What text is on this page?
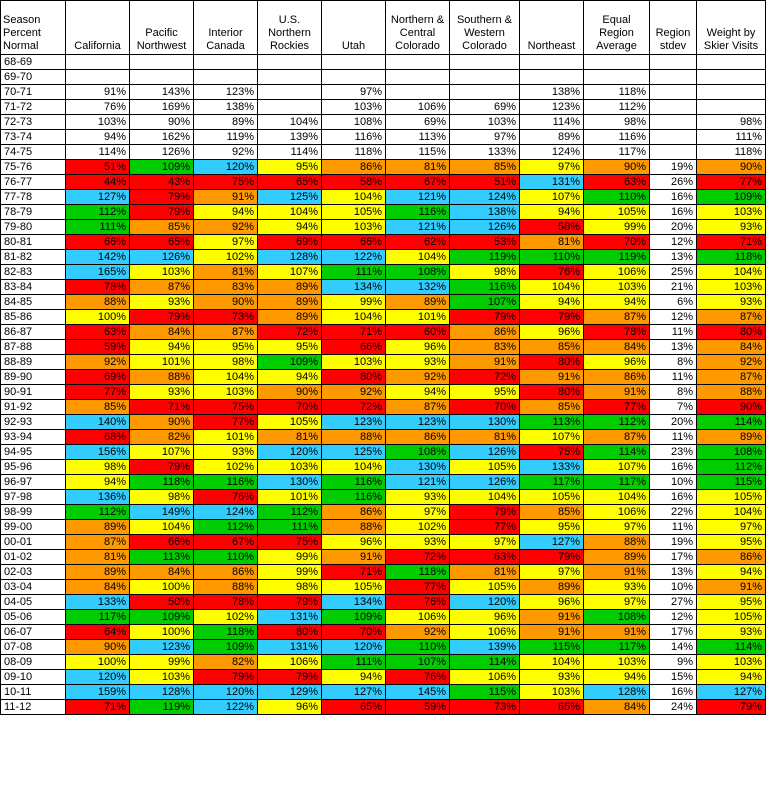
Season Percent Normal	California	Pacific Northwest	Interior Canada	U.S. Northern Rockies	Utah	Northern & Central Colorado	Southern & Western Colorado	Northeast	Equal Region Average	Region stdev	Weight by Skier Visits
68-69											
69-70											
70-71	91%	143%	123%		97%			138%	118%		
71-72	76%	169%	138%		103%	106%	69%	123%	112%		
72-73	103%	90%	89%	104%	108%	69%	103%	114%	98%		98%
73-74	94%	162%	119%	139%	116%	113%	97%	89%	116%		111%
74-75	114%	126%	92%	114%	118%	115%	133%	124%	117%		118%
75-76	51%	109%	120%	95%	86%	81%	85%	97%	90%	19%	90%
76-77	44%	43%	75%	65%	58%	67%	51%	131%	63%	26%	77%
77-78	127%	79%	91%	125%	104%	121%	124%	107%	110%	16%	109%
78-79	112%	79%	94%	104%	105%	116%	138%	94%	105%	16%	103%
79-80	111%	85%	92%	94%	103%	121%	126%	58%	99%	20%	93%
80-81	66%	65%	97%	69%	66%	62%	53%	81%	70%	12%	71%
81-82	142%	126%	102%	128%	122%	104%	119%	110%	119%	13%	118%
82-83	165%	103%	81%	107%	111%	108%	98%	76%	106%	25%	104%
83-84	78%	87%	83%	89%	134%	132%	116%	104%	103%	21%	103%
84-85	88%	93%	90%	89%	99%	89%	107%	94%	94%	6%	93%
85-86	100%	79%	73%	89%	104%	101%	79%	79%	87%	12%	87%
86-87	63%	84%	87%	72%	71%	60%	86%	96%	78%	11%	80%
87-88	59%	94%	95%	95%	66%	96%	83%	85%	84%	13%	84%
88-89	92%	101%	98%	109%	103%	93%	91%	80%	96%	8%	92%
89-90	69%	88%	104%	94%	80%	92%	72%	91%	86%	11%	87%
90-91	77%	93%	103%	90%	92%	94%	95%	80%	91%	8%	88%
91-92	85%	71%	75%	70%	72%	87%	70%	85%	77%	7%	90%
92-93	140%	90%	77%	105%	123%	123%	130%	113%	112%	20%	114%
93-94	68%	82%	101%	81%	88%	86%	81%	107%	87%	11%	89%
94-95	156%	107%	93%	120%	125%	108%	126%	75%	114%	23%	108%
95-96	98%	79%	102%	103%	104%	130%	105%	133%	107%	16%	112%
96-97	94%	118%	116%	130%	116%	121%	126%	117%	117%	10%	115%
97-98	136%	98%	76%	101%	116%	93%	104%	105%	104%	16%	105%
98-99	112%	149%	124%	112%	86%	97%	79%	85%	106%	22%	104%
99-00	89%	104%	112%	111%	88%	102%	77%	95%	97%	11%	97%
00-01	87%	66%	67%	75%	96%	93%	97%	127%	88%	19%	95%
01-02	81%	113%	110%	99%	91%	72%	63%	79%	89%	17%	86%
02-03	89%	84%	86%	99%	71%	118%	81%	97%	91%	13%	94%
03-04	84%	100%	88%	98%	105%	77%	105%	89%	93%	10%	91%
04-05	133%	50%	78%	79%	134%	76%	120%	96%	97%	27%	95%
05-06	117%	109%	102%	131%	109%	106%	96%	91%	108%	12%	105%
06-07	64%	100%	118%	80%	70%	92%	106%	91%	91%	17%	93%
07-08	90%	123%	109%	131%	120%	110%	139%	115%	117%	14%	114%
08-09	100%	99%	82%	106%	111%	107%	114%	104%	103%	9%	103%
09-10	120%	103%	79%	79%	94%	76%	106%	93%	94%	15%	94%
10-11	159%	128%	120%	129%	127%	145%	115%	103%	128%	16%	127%
11-12	71%	119%	122%	96%	65%	59%	73%	65%	84%	24%	79%
